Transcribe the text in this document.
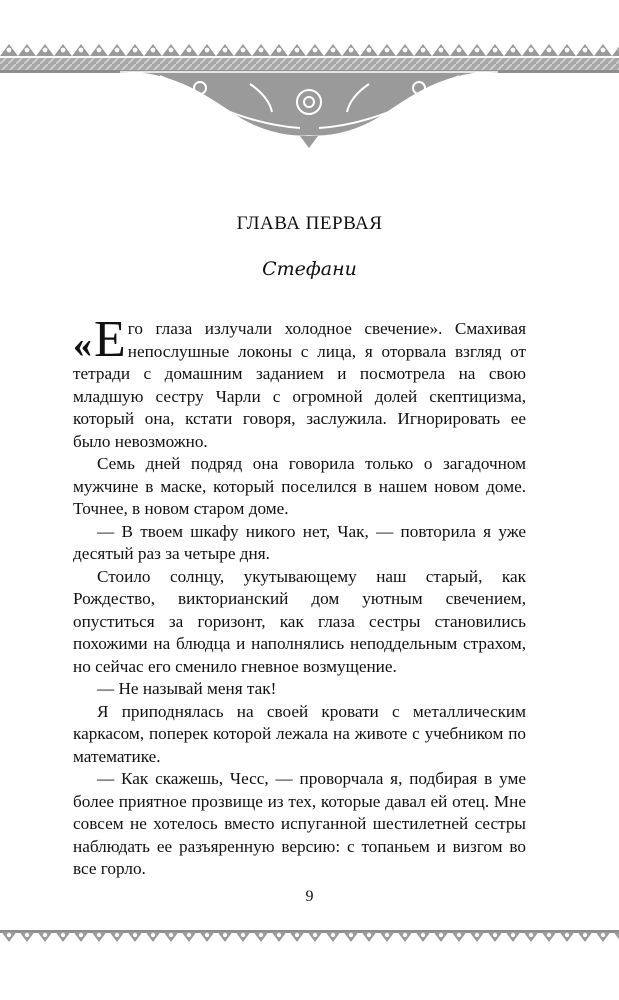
ГЛАВА ПЕРВАЯ
Стефани

« Е го глаза излучали холодное свечение». Смахивая непослушные локоны с лица, я оторвала взгляд от тетради с домашним заданием и посмотрела на свою младшую сестру Чарли с огромной долей скептицизма, который она, кстати говоря, заслужила. Игнорировать ее было невозможно.

Семь дней подряд она говорила только о загадочном мужчине в маске, который поселился в нашем новом доме. Точнее, в новом старом доме.

— В твоем шкафу никого нет, Чак, — повторила я уже десятый раз за четыре дня.

Стоило солнцу, укутывающему наш старый, как Рождество, викторианский дом уютным свечением, опуститься за горизонт, как глаза сестры становились похожими на блюдца и наполнялись неподдельным страхом, но сейчас его сменило гневное возмущение.

— Не называй меня так!

Я приподнялась на своей кровати с металлическим каркасом, поперек которой лежала на животе с учебником по математике.

— Как скажешь, Чесс, — проворчала я, подбирая в уме более приятное прозвище из тех, которые давал ей отец. Мне совсем не хотелось вместо испуганной шестилетней сестры наблюдать ее разъяренную версию: с топаньем и визгом во все горло.

9
